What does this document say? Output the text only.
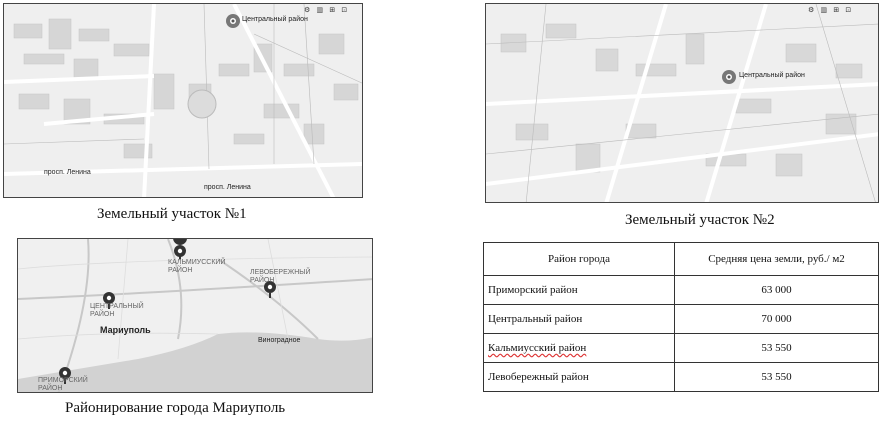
⚙ ▥ ⊞ ⊡
Центральный район
просп. Ленина
просп. Ленина
Земельный участок №1
⚙ ▥ ⊞ ⊡
Центральный район
Земельный участок №2
КАЛЬМИУССКИЙ РАЙОН
ЦЕНТРАЛЬНЫЙ РАЙОН
ЛЕВОБЕРЕЖНЫЙ РАЙОН
ПРИМОРСКИЙ РАЙОН
Мариуполь
Виноградное
Районирование города Мариуполь
Район города	Средняя цена земли, руб./ м2
Приморский район	63 000
Центральный район	70 000
Кальмиусский район	53 550
Левобережный район	53 550
